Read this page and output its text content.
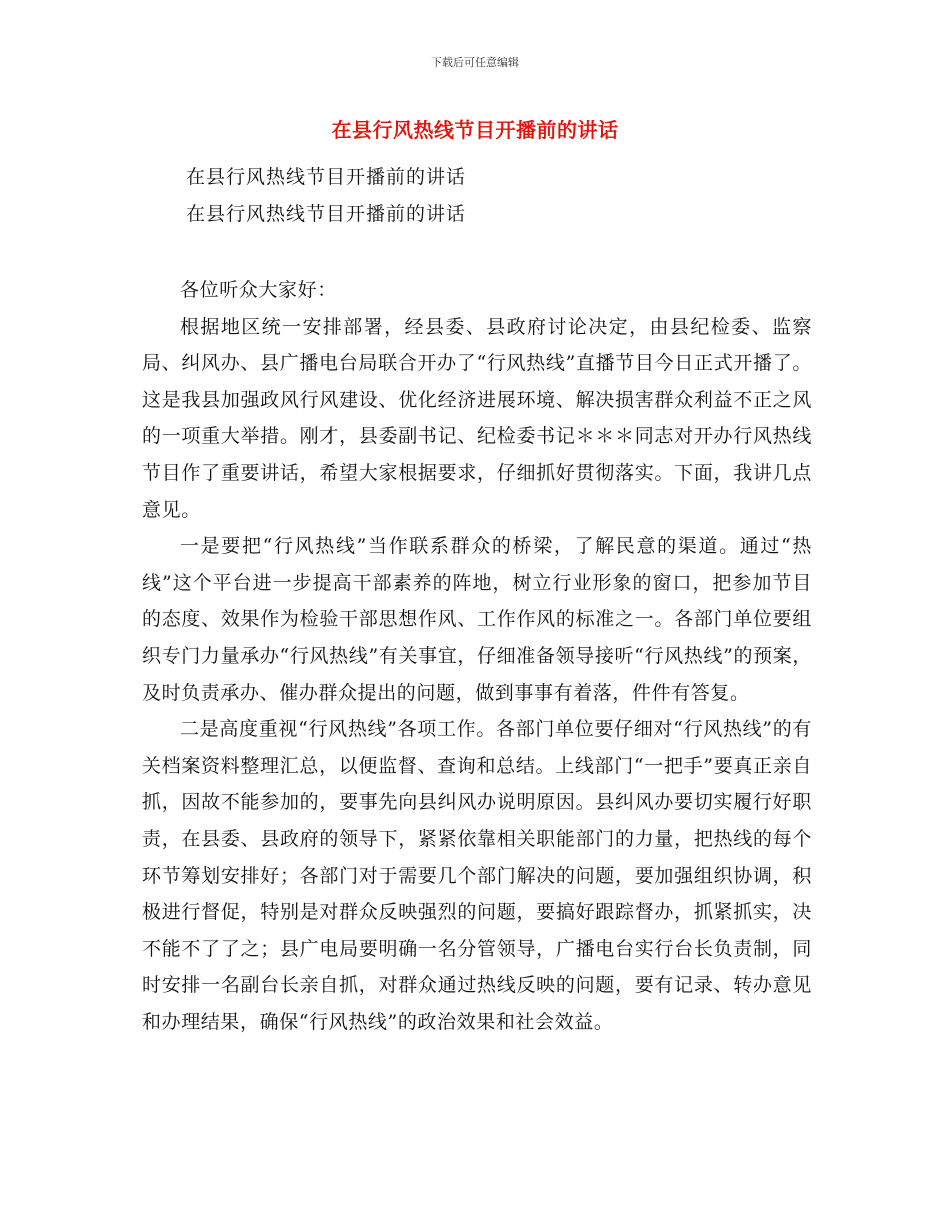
下载后可任意编辑
在县行风热线节目开播前的讲话
在县行风热线节目开播前的讲话
在县行风热线节目开播前的讲话

各位听众大家好：

根据地区统一安排部署，经县委、县政府讨论决定，由县纪检委、监察局、纠风办、县广播电台局联合开办了“行风热线”直播节目今日正式开播了。这是我县加强政风行风建设、优化经济进展环境、解决损害群众利益不正之风的一项重大举措。刚才，县委副书记、纪检委书记＊＊＊同志对开办行风热线节目作了重要讲话，希望大家根据要求，仔细抓好贯彻落实。下面，我讲几点意见。

一是要把“行风热线”当作联系群众的桥梁，了解民意的渠道。通过“热线”这个平台进一步提高干部素养的阵地，树立行业形象的窗口，把参加节目的态度、效果作为检验干部思想作风、工作作风的标准之一。各部门单位要组织专门力量承办“行风热线”有关事宜，仔细准备领导接听“行风热线”的预案，及时负责承办、催办群众提出的问题，做到事事有着落，件件有答复。

二是高度重视“行风热线”各项工作。各部门单位要仔细对“行风热线”的有关档案资料整理汇总，以便监督、查询和总结。上线部门“一把手”要真正亲自抓，因故不能参加的，要事先向县纠风办说明原因。县纠风办要切实履行好职责，在县委、县政府的领导下，紧紧依靠相关职能部门的力量，把热线的每个环节筹划安排好；各部门对于需要几个部门解决的问题，要加强组织协调，积极进行督促，特别是对群众反映强烈的问题，要搞好跟踪督办，抓紧抓实，决不能不了了之；县广电局要明确一名分管领导，广播电台实行台长负责制，同时安排一名副台长亲自抓，对群众通过热线反映的问题，要有记录、转办意见和办理结果，确保“行风热线”的政治效果和社会效益。
